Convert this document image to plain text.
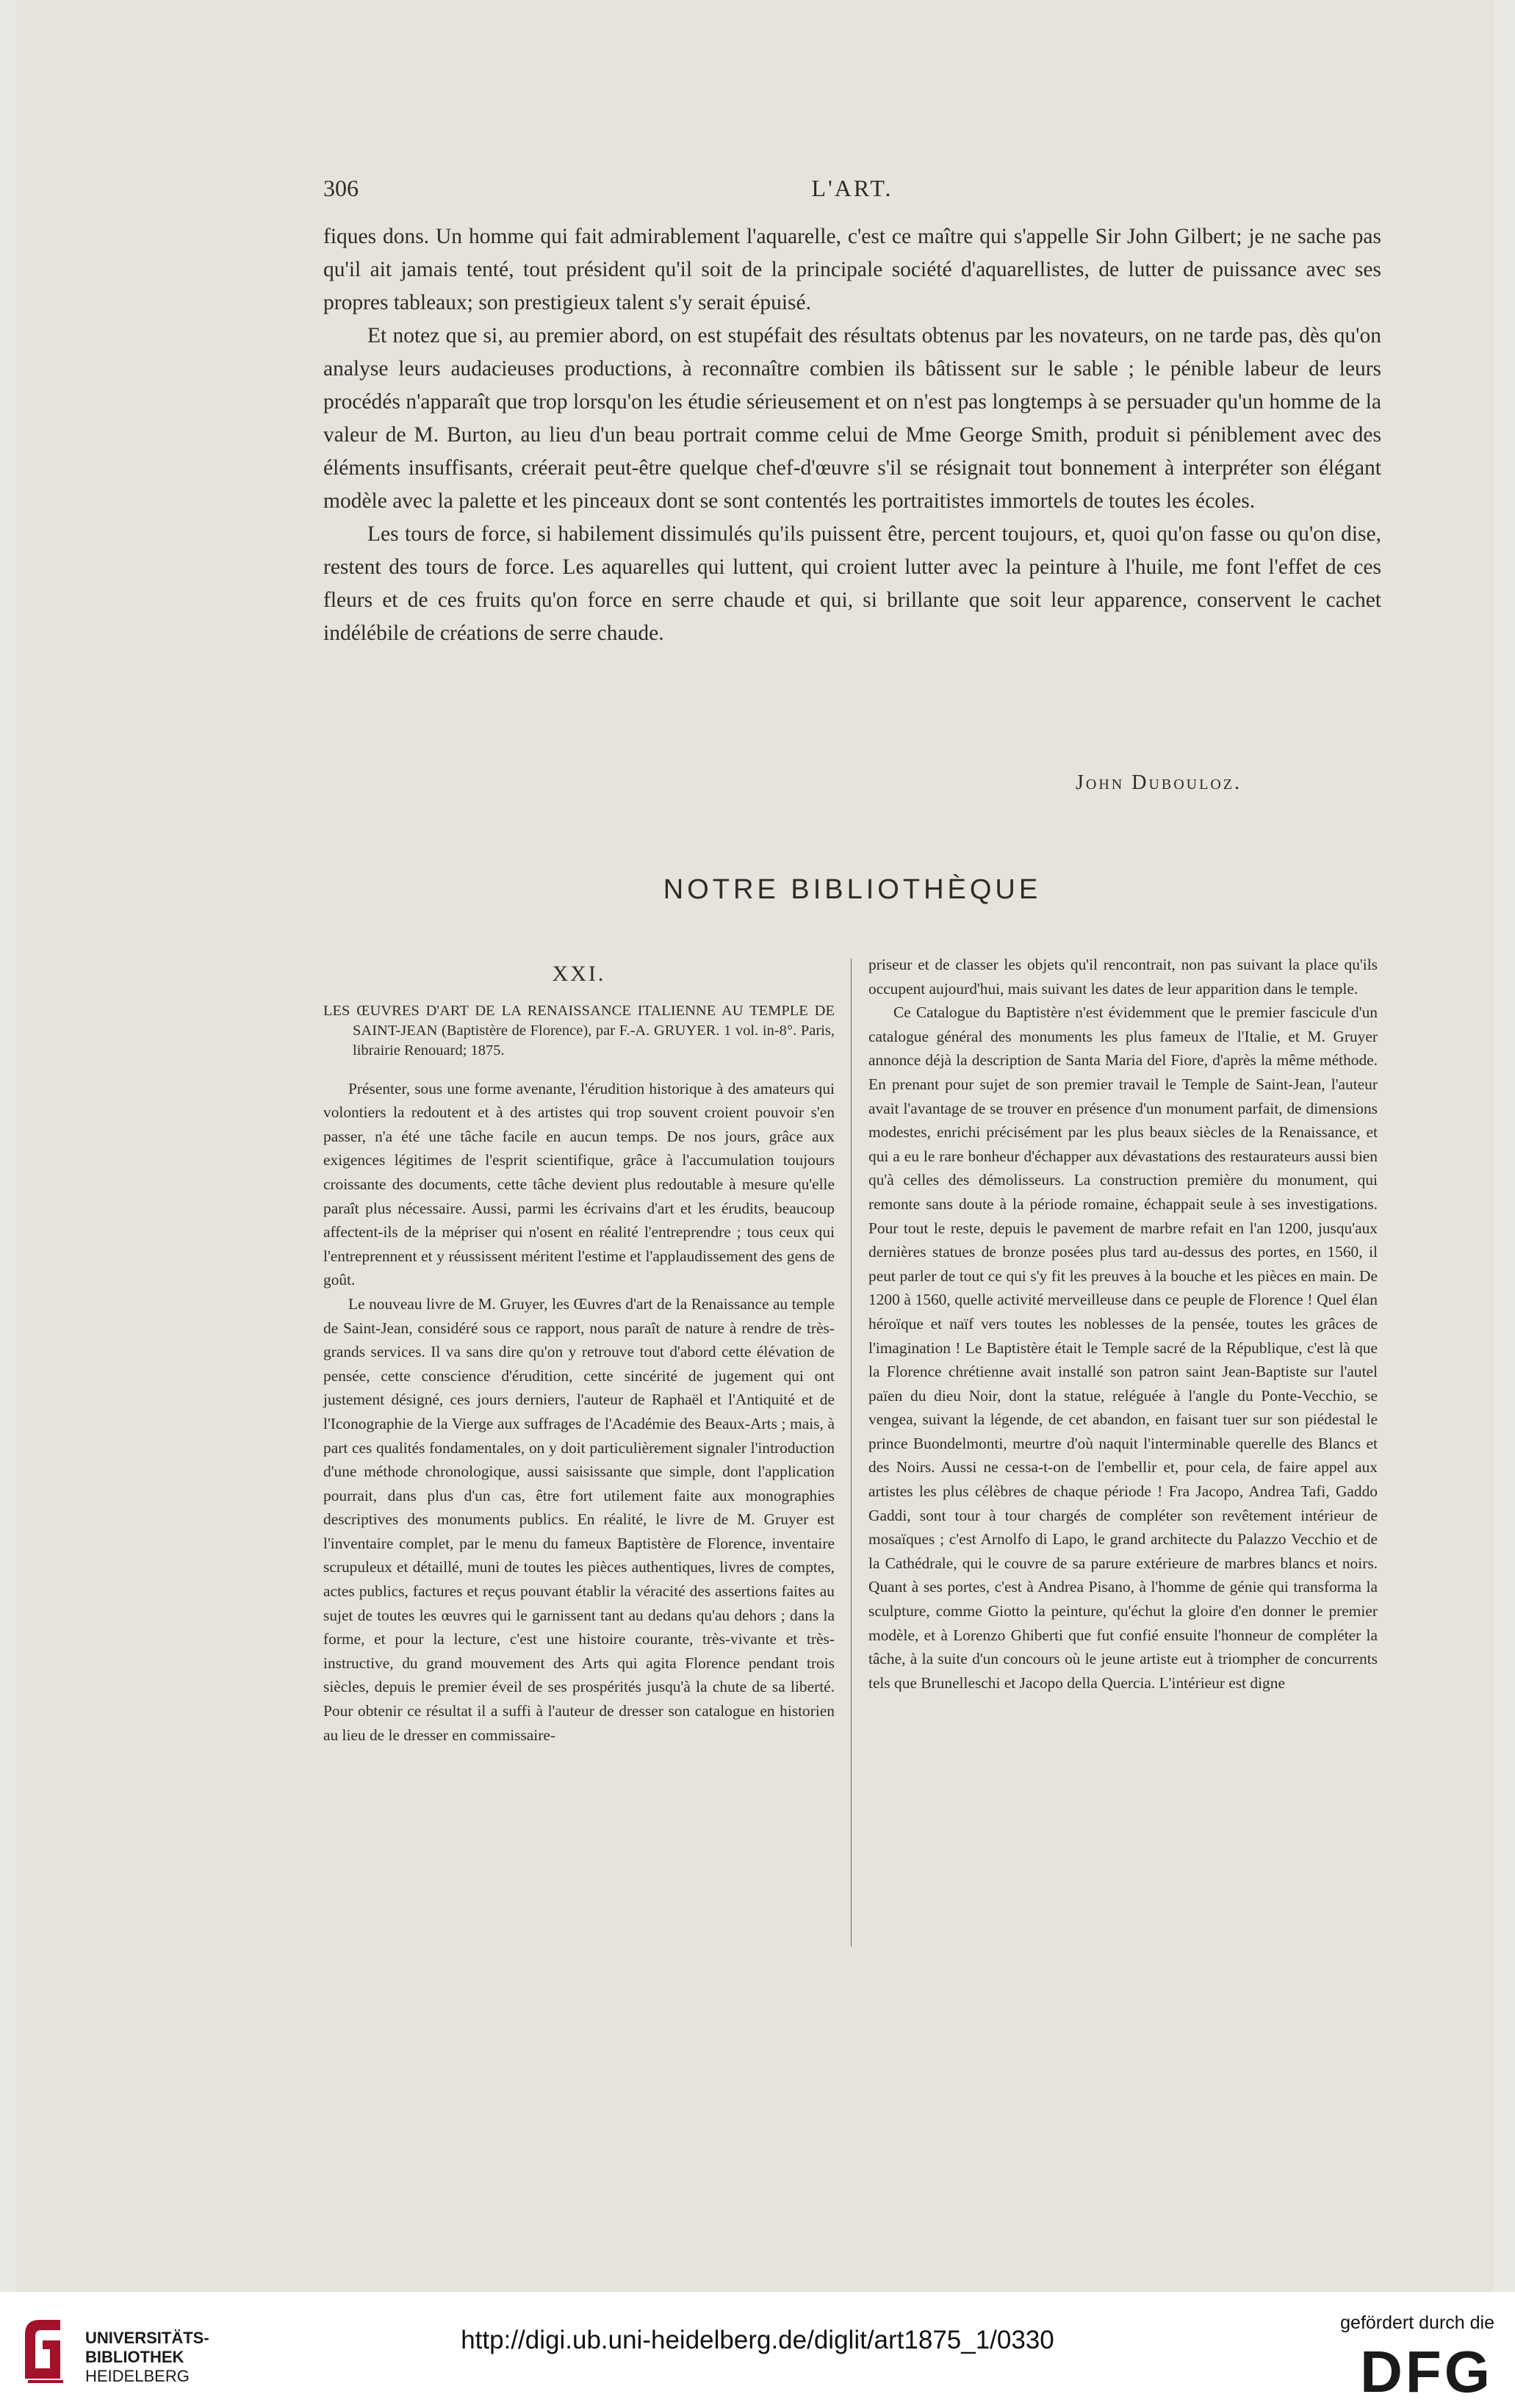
306	L'ART.

fiques dons. Un homme qui fait admirablement l'aquarelle, c'est ce maître qui s'appelle Sir John Gilbert; je ne sache pas qu'il ait jamais tenté, tout président qu'il soit de la principale société d'aquarellistes, de lutter de puissance avec ses propres tableaux; son prestigieux talent s'y serait épuisé.

Et notez que si, au premier abord, on est stupéfait des résultats obtenus par les novateurs, on ne tarde pas, dès qu'on analyse leurs audacieuses productions, à reconnaître combien ils bâtissent sur le sable ; le pénible labeur de leurs procédés n'apparaît que trop lorsqu'on les étudie sérieusement et on n'est pas longtemps à se persuader qu'un homme de la valeur de M. Burton, au lieu d'un beau portrait comme celui de Mme George Smith, produit si péniblement avec des éléments insuffisants, créerait peut-être quelque chef-d'œuvre s'il se résignait tout bonnement à interpréter son élégant modèle avec la palette et les pinceaux dont se sont contentés les portraitistes immortels de toutes les écoles.

Les tours de force, si habilement dissimulés qu'ils puissent être, percent toujours, et, quoi qu'on fasse ou qu'on dise, restent des tours de force. Les aquarelles qui luttent, qui croient lutter avec la peinture à l'huile, me font l'effet de ces fleurs et de ces fruits qu'on force en serre chaude et qui, si brillante que soit leur apparence, conservent le cachet indélébile de créations de serre chaude.

John Dubouloz.
NOTRE BIBLIOTHÈQUE

XXI.

LES ŒUVRES D'ART DE LA RENAISSANCE ITALIENNE AU TEMPLE DE SAINT-JEAN (Baptistère de Florence), par F.-A. GRUYER. 1 vol. in-8°. Paris, librairie Renouard; 1875.

Présenter, sous une forme avenante, l'érudition historique à des amateurs qui volontiers la redoutent et à des artistes qui trop souvent croient pouvoir s'en passer, n'a été une tâche facile en aucun temps. De nos jours, grâce aux exigences légitimes de l'esprit scientifique, grâce à l'accumulation toujours croissante des documents, cette tâche devient plus redoutable à mesure qu'elle paraît plus nécessaire. Aussi, parmi les écrivains d'art et les érudits, beaucoup affectent-ils de la mépriser qui n'osent en réalité l'entreprendre ; tous ceux qui l'entreprennent et y réussissent méritent l'estime et l'applaudissement des gens de goût.

Le nouveau livre de M. Gruyer, les Œuvres d'art de la Renaissance au temple de Saint-Jean, considéré sous ce rapport, nous paraît de nature à rendre de très-grands services. Il va sans dire qu'on y retrouve tout d'abord cette élévation de pensée, cette conscience d'érudition, cette sincérité de jugement qui ont justement désigné, ces jours derniers, l'auteur de Raphaël et l'Antiquité et de l'Iconographie de la Vierge aux suffrages de l'Académie des Beaux-Arts ; mais, à part ces qualités fondamentales, on y doit particulièrement signaler l'introduction d'une méthode chronologique, aussi saisissante que simple, dont l'application pourrait, dans plus d'un cas, être fort utilement faite aux monographies descriptives des monuments publics. En réalité, le livre de M. Gruyer est l'inventaire complet, par le menu du fameux Baptistère de Florence, inventaire scrupuleux et détaillé, muni de toutes les pièces authentiques, livres de comptes, actes publics, factures et reçus pouvant établir la véracité des assertions faites au sujet de toutes les œuvres qui le garnissent tant au dedans qu'au dehors ; dans la forme, et pour la lecture, c'est une histoire courante, très-vivante et très-instructive, du grand mouvement des Arts qui agita Florence pendant trois siècles, depuis le premier éveil de ses prospérités jusqu'à la chute de sa liberté. Pour obtenir ce résultat il a suffi à l'auteur de dresser son catalogue en historien au lieu de le dresser en commissaire-

priseur et de classer les objets qu'il rencontrait, non pas suivant la place qu'ils occupent aujourd'hui, mais suivant les dates de leur apparition dans le temple.

Ce Catalogue du Baptistère n'est évidemment que le premier fascicule d'un catalogue général des monuments les plus fameux de l'Italie, et M. Gruyer annonce déjà la description de Santa Maria del Fiore, d'après la même méthode. En prenant pour sujet de son premier travail le Temple de Saint-Jean, l'auteur avait l'avantage de se trouver en présence d'un monument parfait, de dimensions modestes, enrichi précisément par les plus beaux siècles de la Renaissance, et qui a eu le rare bonheur d'échapper aux dévastations des restaurateurs aussi bien qu'à celles des démolisseurs. La construction première du monument, qui remonte sans doute à la période romaine, échappait seule à ses investigations. Pour tout le reste, depuis le pavement de marbre refait en l'an 1200, jusqu'aux dernières statues de bronze posées plus tard au-dessus des portes, en 1560, il peut parler de tout ce qui s'y fit les preuves à la bouche et les pièces en main. De 1200 à 1560, quelle activité merveilleuse dans ce peuple de Florence ! Quel élan héroïque et naïf vers toutes les noblesses de la pensée, toutes les grâces de l'imagination ! Le Baptistère était le Temple sacré de la République, c'est là que la Florence chrétienne avait installé son patron saint Jean-Baptiste sur l'autel païen du dieu Noir, dont la statue, reléguée à l'angle du Ponte-Vecchio, se vengea, suivant la légende, de cet abandon, en faisant tuer sur son piédestal le prince Buondelmonti, meurtre d'où naquit l'interminable querelle des Blancs et des Noirs. Aussi ne cessa-t-on de l'embellir et, pour cela, de faire appel aux artistes les plus célèbres de chaque période ! Fra Jacopo, Andrea Tafi, Gaddo Gaddi, sont tour à tour chargés de compléter son revêtement intérieur de mosaïques ; c'est Arnolfo di Lapo, le grand architecte du Palazzo Vecchio et de la Cathédrale, qui le couvre de sa parure extérieure de marbres blancs et noirs. Quant à ses portes, c'est à Andrea Pisano, à l'homme de génie qui transforma la sculpture, comme Giotto la peinture, qu'échut la gloire d'en donner le premier modèle, et à Lorenzo Ghiberti que fut confié ensuite l'honneur de compléter la tâche, à la suite d'un concours où le jeune artiste eut à triompher de concurrents tels que Brunelleschi et Jacopo della Quercia. L'intérieur est digne

UNIVERSITÄTS-
BIBLIOTHEK
HEIDELBERG
http://digi.ub.uni-heidelberg.de/diglit/art1875_1/0330
gefördert durch die
DFG
